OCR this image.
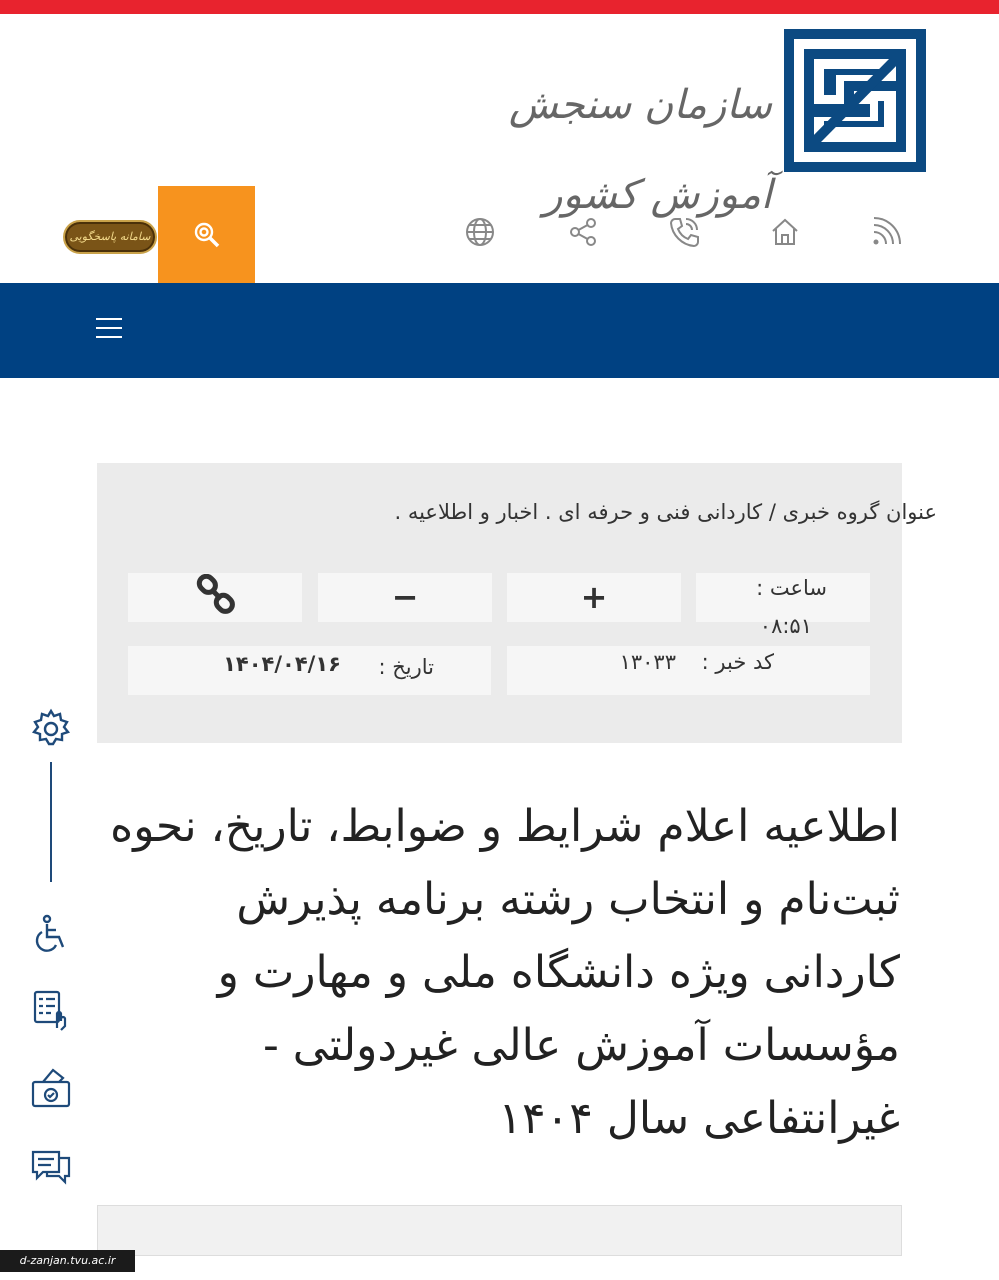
سازمان سنجش آموزش کشور
سامانه پاسخگویی
عنوان گروه خبری / کاردانی فنی و حرفه ای . اخبار و اطلاعیه .
ساعت :
۰۸:۵۱
+
−
کد خبر :
۱۳۰۳۳
تاریخ :
۱۴۰۴/۰۴/۱۶
اطلاعیه اعلام شرایط و ضوابط، تاریخ، نحوه ثبت‌نام و انتخاب رشته برنامه پذیرش کاردانی ویژه دانشگاه ملی و مهارت و مؤسسات آموزش عالی غیردولتی - غیرانتفاعی سال ۱۴۰۴
d-zanjan.tvu.ac.ir
